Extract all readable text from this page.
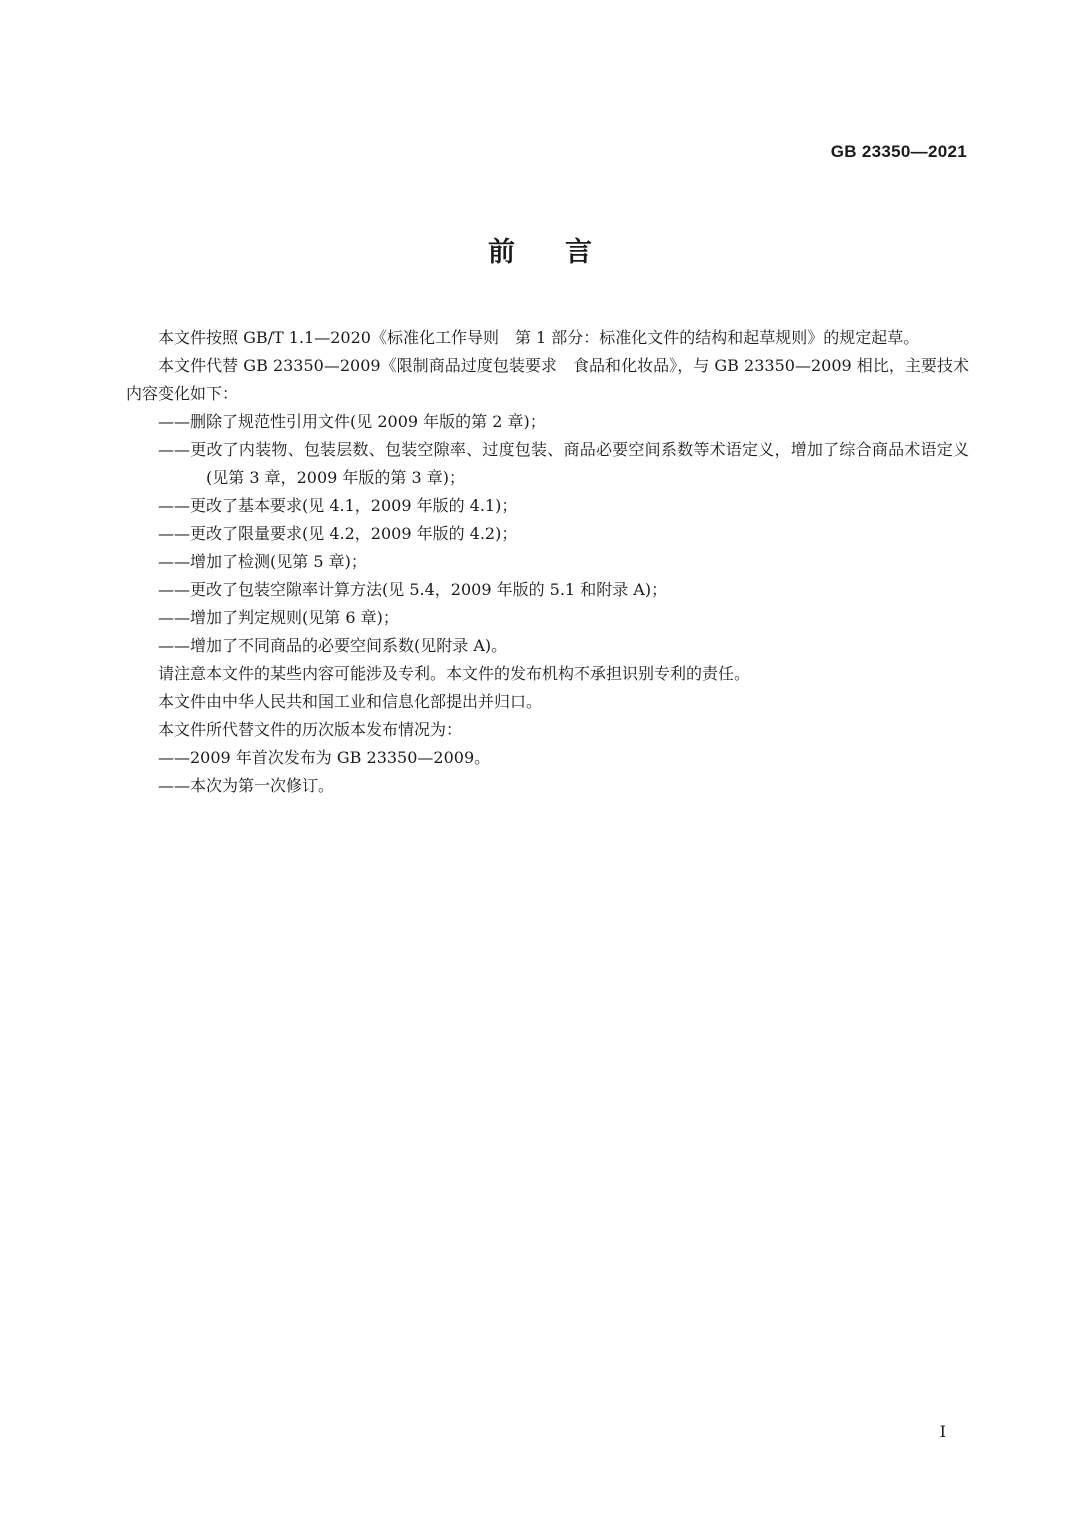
GB 23350—2021
前言

本文件按照 GB/T 1.1—2020《标准化工作导则　第 1 部分：标准化文件的结构和起草规则》的规定起草。

本文件代替 GB 23350—2009《限制商品过度包装要求　食品和化妆品》，与 GB 23350—2009 相比，主要技术内容变化如下：

——删除了规范性引用文件(见 2009 年版的第 2 章)；

——更改了内装物、包装层数、包装空隙率、过度包装、商品必要空间系数等术语定义，增加了综合商品术语定义(见第 3 章，2009 年版的第 3 章)；

——更改了基本要求(见 4.1，2009 年版的 4.1)；

——更改了限量要求(见 4.2，2009 年版的 4.2)；

——增加了检测(见第 5 章)；

——更改了包装空隙率计算方法(见 5.4，2009 年版的 5.1 和附录 A)；

——增加了判定规则(见第 6 章)；

——增加了不同商品的必要空间系数(见附录 A)。

请注意本文件的某些内容可能涉及专利。本文件的发布机构不承担识别专利的责任。

本文件由中华人民共和国工业和信息化部提出并归口。

本文件所代替文件的历次版本发布情况为：

——2009 年首次发布为 GB 23350—2009。

——本次为第一次修订。

I
